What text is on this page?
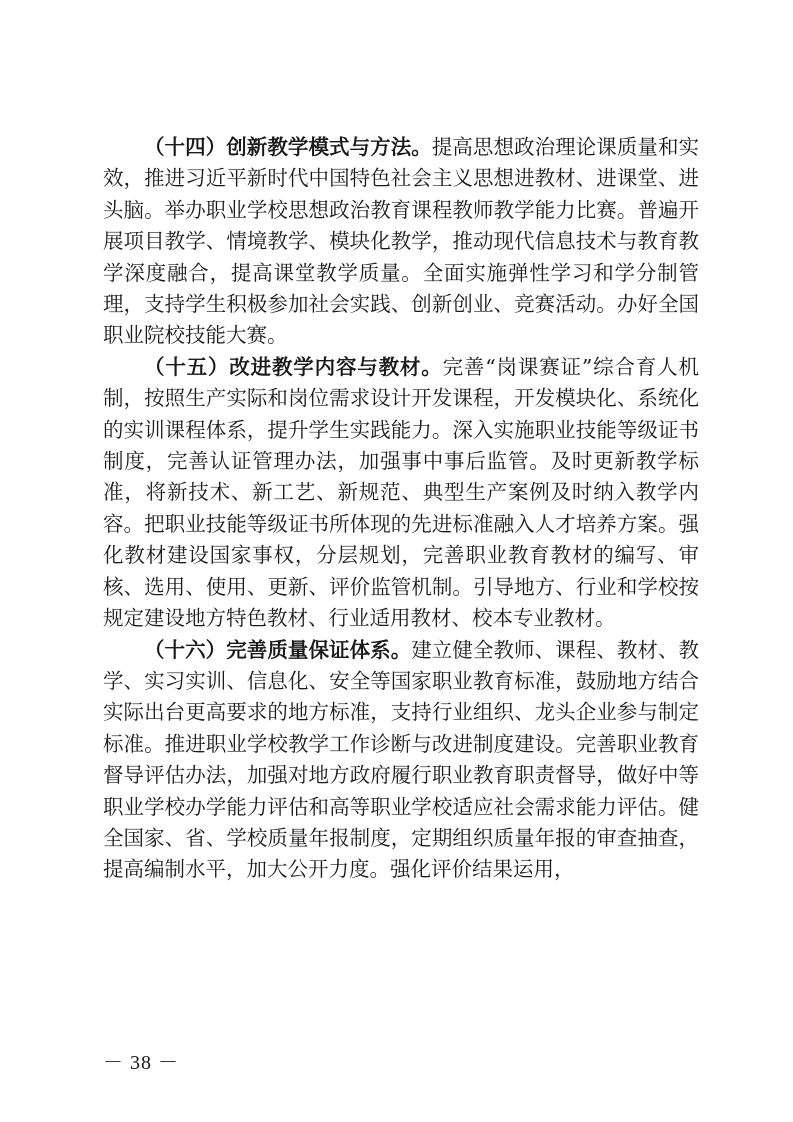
（十四）创新教学模式与方法。提高思想政治理论课质量和实效，推进习近平新时代中国特色社会主义思想进教材、进课堂、进头脑。举办职业学校思想政治教育课程教师教学能力比赛。普遍开展项目教学、情境教学、模块化教学，推动现代信息技术与教育教学深度融合，提高课堂教学质量。全面实施弹性学习和学分制管理，支持学生积极参加社会实践、创新创业、竞赛活动。办好全国职业院校技能大赛。

（十五）改进教学内容与教材。完善“岗课赛证”综合育人机制，按照生产实际和岗位需求设计开发课程，开发模块化、系统化的实训课程体系，提升学生实践能力。深入实施职业技能等级证书制度，完善认证管理办法，加强事中事后监管。及时更新教学标准，将新技术、新工艺、新规范、典型生产案例及时纳入教学内容。把职业技能等级证书所体现的先进标准融入人才培养方案。强化教材建设国家事权，分层规划，完善职业教育教材的编写、审核、选用、使用、更新、评价监管机制。引导地方、行业和学校按规定建设地方特色教材、行业适用教材、校本专业教材。

（十六）完善质量保证体系。建立健全教师、课程、教材、教学、实习实训、信息化、安全等国家职业教育标准，鼓励地方结合实际出台更高要求的地方标准，支持行业组织、龙头企业参与制定标准。推进职业学校教学工作诊断与改进制度建设。完善职业教育督导评估办法，加强对地方政府履行职业教育职责督导，做好中等职业学校办学能力评估和高等职业学校适应社会需求能力评估。健全国家、省、学校质量年报制度，定期组织质量年报的审查抽查，提高编制水平，加大公开力度。强化评价结果运用，

－ 38 －
